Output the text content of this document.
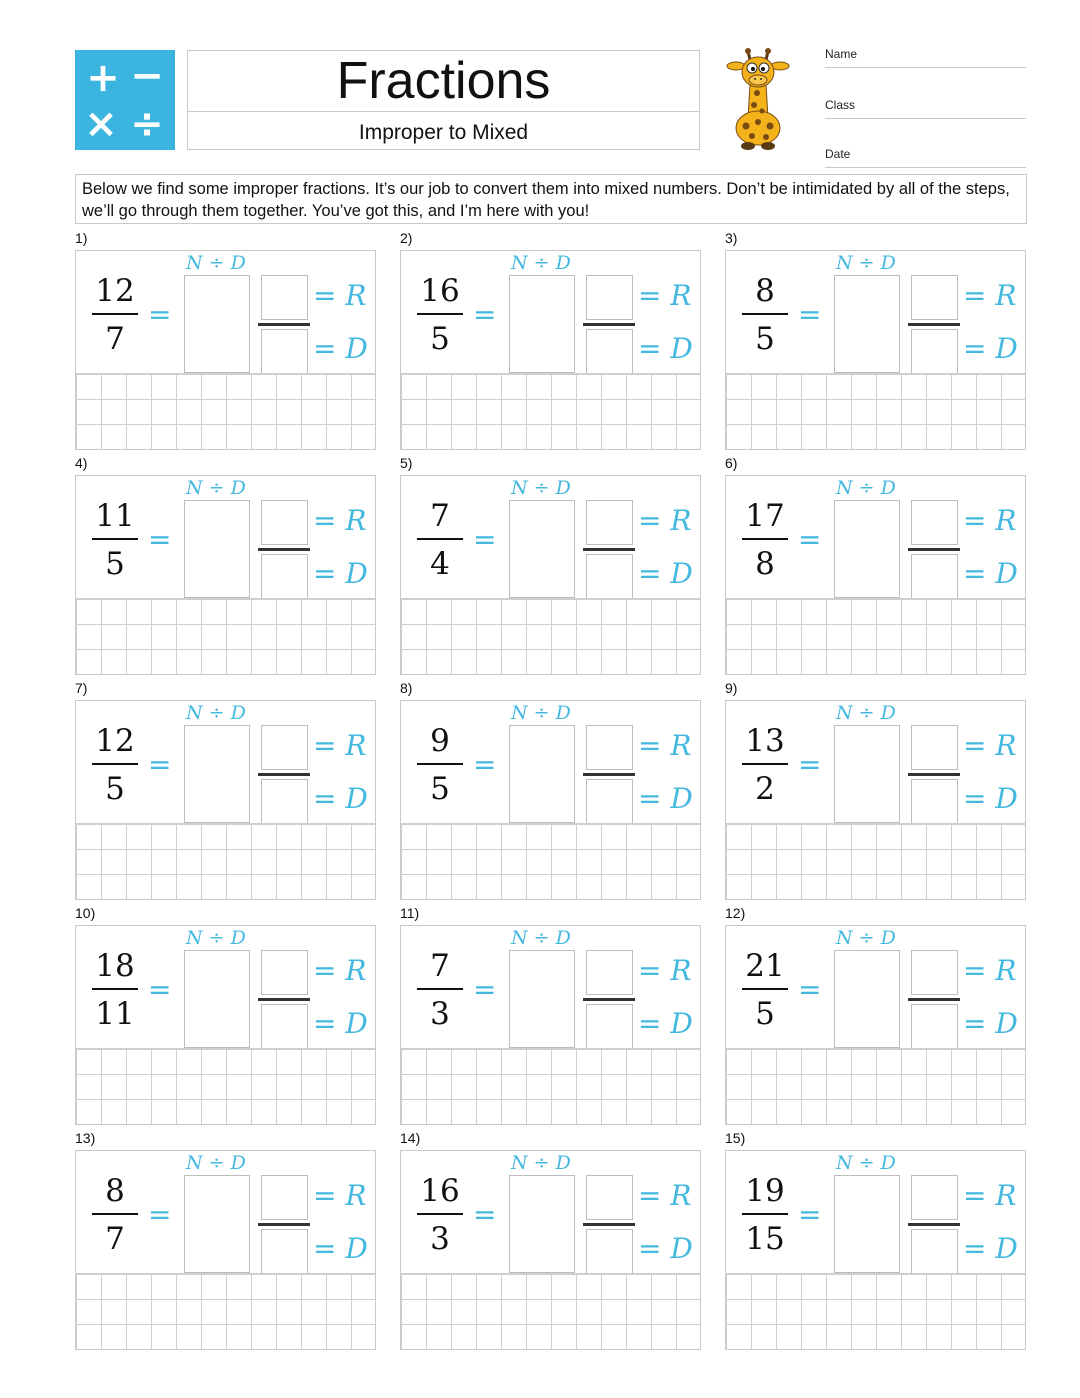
+ −
× ÷
Fractions
Improper to Mixed
Name
Class
Date
Below we find some improper fractions. It’s our job to convert them into mixed numbers. Don’t be intimidated by all of the steps, we’ll go through them together. You’ve got this, and I’m here with you!
1)
12
7
=
N ÷ D
= R
= D
2)
16
5
=
N ÷ D
= R
= D
3)
8
5
=
N ÷ D
= R
= D
4)
11
5
=
N ÷ D
= R
= D
5)
7
4
=
N ÷ D
= R
= D
6)
17
8
=
N ÷ D
= R
= D
7)
12
5
=
N ÷ D
= R
= D
8)
9
5
=
N ÷ D
= R
= D
9)
13
2
=
N ÷ D
= R
= D
10)
18
11
=
N ÷ D
= R
= D
11)
7
3
=
N ÷ D
= R
= D
12)
21
5
=
N ÷ D
= R
= D
13)
8
7
=
N ÷ D
= R
= D
14)
16
3
=
N ÷ D
= R
= D
15)
19
15
=
N ÷ D
= R
= D
